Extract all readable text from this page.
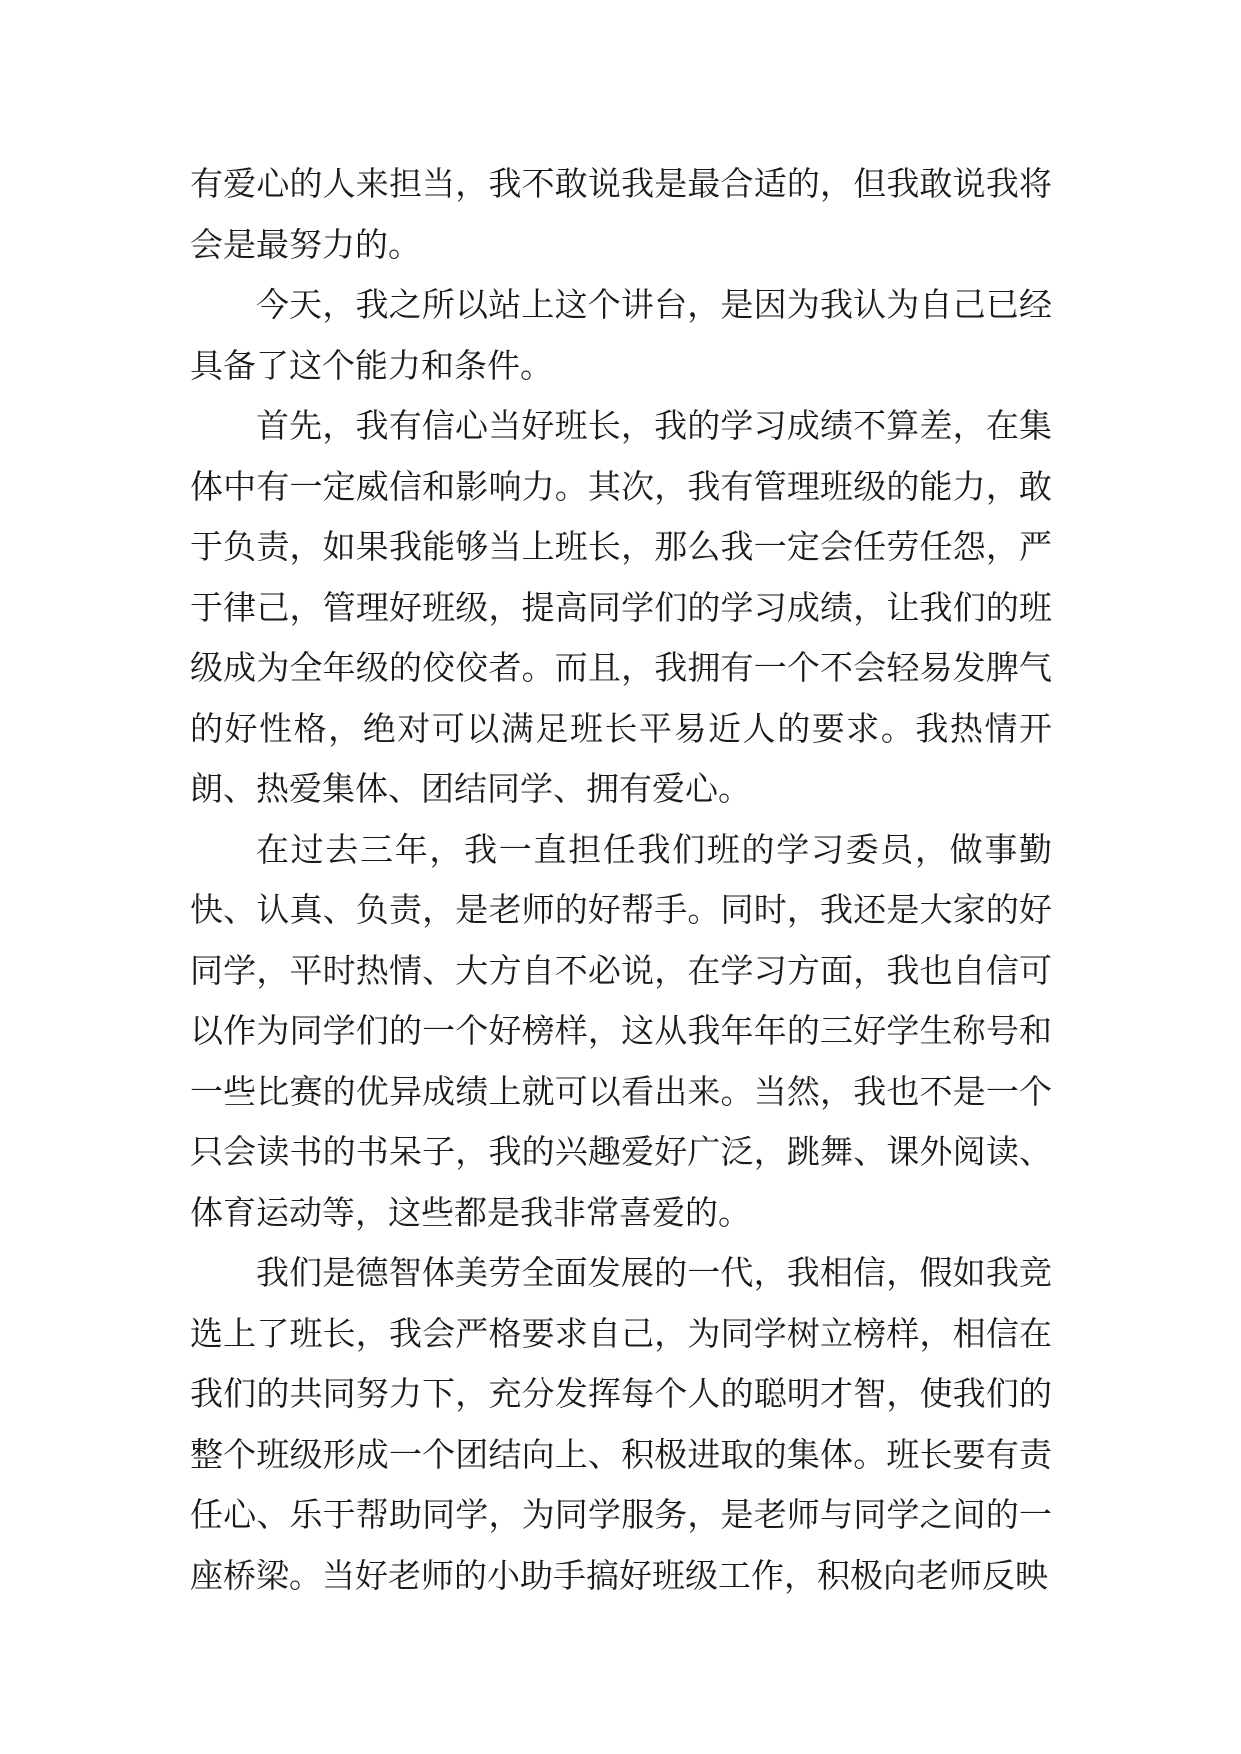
有爱心的人来担当，我不敢说我是最合适的，但我敢说我将会是最努力的。

今天，我之所以站上这个讲台，是因为我认为自己已经具备了这个能力和条件。

首先，我有信心当好班长，我的学习成绩不算差，在集体中有一定威信和影响力。其次，我有管理班级的能力，敢于负责，如果我能够当上班长，那么我一定会任劳任怨，严于律己，管理好班级，提高同学们的学习成绩，让我们的班级成为全年级的佼佼者。而且，我拥有一个不会轻易发脾气的好性格，绝对可以满足班长平易近人的要求。我热情开朗、热爱集体、团结同学、拥有爱心。

在过去三年，我一直担任我们班的学习委员，做事勤快、认真、负责，是老师的好帮手。同时，我还是大家的好同学，平时热情、大方自不必说，在学习方面，我也自信可以作为同学们的一个好榜样，这从我年年的三好学生称号和一些比赛的优异成绩上就可以看出来。当然，我也不是一个只会读书的书呆子，我的兴趣爱好广泛，跳舞、课外阅读、体育运动等，这些都是我非常喜爱的。

我们是德智体美劳全面发展的一代，我相信，假如我竞选上了班长，我会严格要求自己，为同学树立榜样，相信在我们的共同努力下，充分发挥每个人的聪明才智，使我们的整个班级形成一个团结向上、积极进取的集体。班长要有责任心、乐于帮助同学，为同学服务，是老师与同学之间的一座桥梁。当好老师的小助手搞好班级工作，积极向老师反映
